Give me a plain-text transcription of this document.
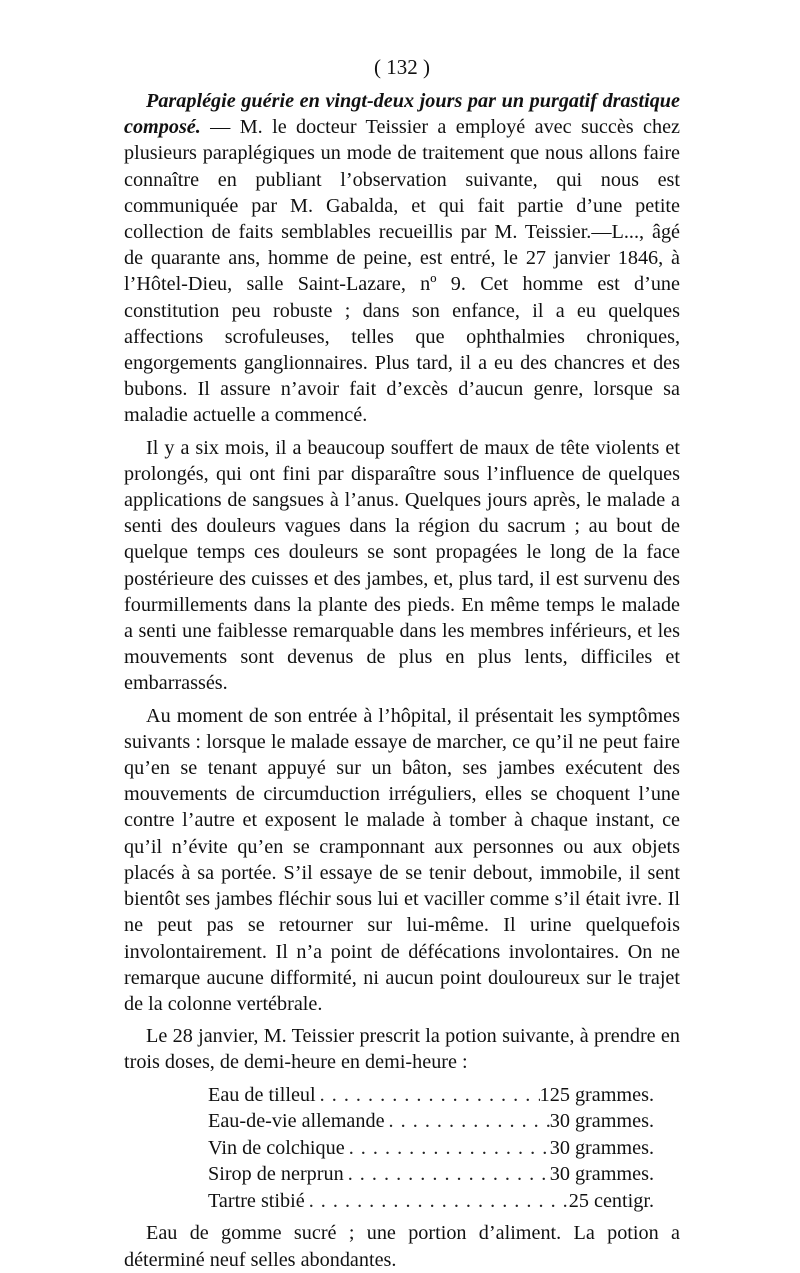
( 132 )

Paraplégie guérie en vingt-deux jours par un purgatif drastique composé. — M. le docteur Teissier a employé avec succès chez plusieurs paraplégiques un mode de traitement que nous allons faire connaître en publiant l’observation suivante, qui nous est communiquée par M. Gabalda, et qui fait partie d’une petite collection de faits semblables recueillis par M. Teissier.—L..., âgé de quarante ans, homme de peine, est entré, le 27 janvier 1846, à l’Hôtel-Dieu, salle Saint-Lazare, nº 9. Cet homme est d’une constitution peu robuste ; dans son enfance, il a eu quelques affections scrofuleuses, telles que ophthalmies chroniques, engorgements ganglionnaires. Plus tard, il a eu des chancres et des bubons. Il assure n’avoir fait d’excès d’aucun genre, lorsque sa maladie actuelle a commencé.

Il y a six mois, il a beaucoup souffert de maux de tête violents et prolongés, qui ont fini par disparaître sous l’influence de quelques applications de sangsues à l’anus. Quelques jours après, le malade a senti des douleurs vagues dans la région du sacrum ; au bout de quelque temps ces douleurs se sont propagées le long de la face postérieure des cuisses et des jambes, et, plus tard, il est survenu des fourmillements dans la plante des pieds. En même temps le malade a senti une faiblesse remarquable dans les membres inférieurs, et les mouvements sont devenus de plus en plus lents, difficiles et embarrassés.

Au moment de son entrée à l’hôpital, il présentait les symptômes suivants : lorsque le malade essaye de marcher, ce qu’il ne peut faire qu’en se tenant appuyé sur un bâton, ses jambes exécutent des mouvements de circumduction irréguliers, elles se choquent l’une contre l’autre et exposent le malade à tomber à chaque instant, ce qu’il n’évite qu’en se cramponnant aux personnes ou aux objets placés à sa portée. S’il essaye de se tenir debout, immobile, il sent bientôt ses jambes fléchir sous lui et vaciller comme s’il était ivre. Il ne peut pas se retourner sur lui-même. Il urine quelquefois involontairement. Il n’a point de défécations involontaires. On ne remarque aucune difformité, ni aucun point douloureux sur le trajet de la colonne vertébrale.

Le 28 janvier, M. Teissier prescrit la potion suivante, à prendre en trois doses, de demi-heure en demi-heure :

Eau de tilleul . . .	125 grammes.
Eau-de-vie allemande . . .	30 grammes.
Vin de colchique . . .	30 grammes.
Sirop de nerprun . . .	30 grammes.
Tartre stibié . . .	25 centigr.

Eau de gomme sucré ; une portion d’aliment. La potion a déterminé neuf selles abondantes.
